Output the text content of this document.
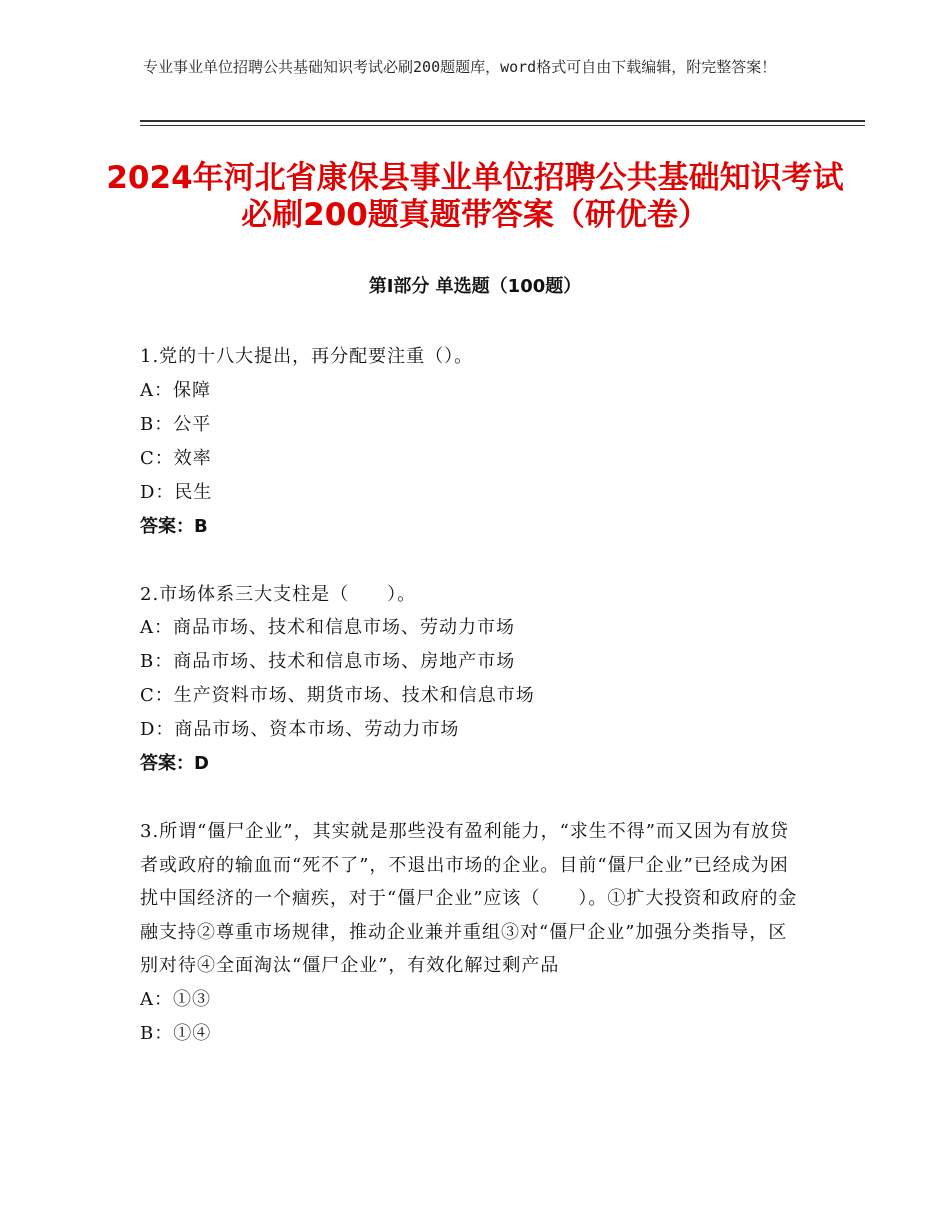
专业事业单位招聘公共基础知识考试必刷200题题库，word格式可自由下载编辑，附完整答案！
2024年河北省康保县事业单位招聘公共基础知识考试必刷200题真题带答案（研优卷）
第Ⅰ部分 单选题（100题）
1.党的十八大提出，再分配要注重（）。
A：保障
B：公平
C：效率
D：民生
答案：B
2.市场体系三大支柱是（　　）。
A：商品市场、技术和信息市场、劳动力市场
B：商品市场、技术和信息市场、房地产市场
C：生产资料市场、期货市场、技术和信息市场
D：商品市场、资本市场、劳动力市场
答案：D
3.所谓“僵尸企业”，其实就是那些没有盈利能力，“求生不得”而又因为有放贷者或政府的输血而“死不了”，不退出市场的企业。目前“僵尸企业”已经成为困扰中国经济的一个痼疾，对于“僵尸企业”应该（　　）。①扩大投资和政府的金融支持②尊重市场规律，推动企业兼并重组③对“僵尸企业”加强分类指导，区别对待④全面淘汰“僵尸企业”，有效化解过剩产品
A：①③
B：①④
